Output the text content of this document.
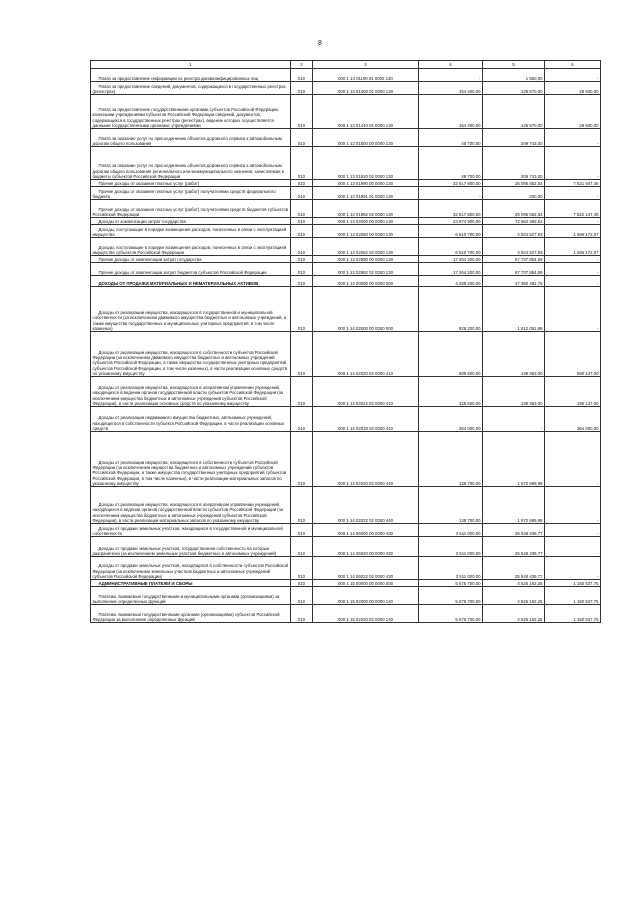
8
1	2	3	4	5	6
Плата за предоставление информации из реестра дисквалифицированных лиц	010	000 1 13 01190 01 0000 130	-	1 550,00	-
Плата за предоставление сведений, документов, содержащихся в государственных реестрах (регистрах)	010	000 1 13 01400 01 0000 130	154 400,00	125 570,00	28 830,00
Плата за предоставление государственными органами субъектов Российской Федерации, казенными учреждениями субъектов Российской Федерации сведений, документов, содержащихся в государственных реестрах (регистрах), ведение которых осуществляется данными государственными органами, учреждениями	010	000 1 13 01410 01 0000 130	154 400,00	125 570,00	28 830,00
Плата за оказание услуг по присоединению объектов дорожного сервиса к автомобильным дорогам общего пользования	010	000 1 13 01500 00 0000 130	48 700,00	209 743,00	-
Плата за оказание услуг по присоединению объектов дорожного сервиса к автомобильным дорогам общего пользования регионального или межмуниципального значения, зачисляемая в бюджеты субъектов Российской Федерации	010	000 1 13 01520 02 0000 130	48 700,00	209 743,00	-
Прочие доходы от оказания платных услуг (работ)	010	000 1 13 01990 00 0000 130	32 617 800,00	25 095 852,54	7 521 947,46
Прочие доходы от оказания платных услуг (работ) получателями средств федерального бюджета	010	000 1 13 01991 01 0000 130	-	200,00	-
Прочие доходы от оказания платных услуг (работ) получателями средств бюджетов субъектов Российской Федерации	010	000 1 13 01992 02 0000 130	32 617 800,00	25 095 652,54	7 522 147,46
Доходы от компенсации затрат государства	010	000 1 13 02000 00 0000 130	23 874 900,00	72 662 382,52	-
Доходы, поступающие в порядке возмещения расходов, понесенных в связи с эксплуатацией имущества	010	000 1 13 02060 00 0000 130	6 610 700,00	4 924 527,93	1 686 172,07
Доходы, поступающие в порядке возмещения расходов, понесенных в связи с эксплуатацией имущества субъектов Российской Федерации	010	000 1 13 02062 02 0000 130	6 610 700,00	4 924 527,93	1 686 172,07
Прочие доходы от компенсации затрат государства	010	000 1 13 02990 00 0000 130	17 264 200,00	67 737 854,59	-
Прочие доходы от компенсации затрат бюджетов субъектов Российской Федерации	010	000 1 13 02992 02 0000 130	17 264 200,00	67 737 854,59	-
ДОХОДЫ ОТ ПРОДАЖИ МАТЕРИАЛЬНЫХ И НЕМАТЕРИАЛЬНЫХ АКТИВОВ	010	000 1 14 00000 00 0000 000	4 339 200,00	27 360 492,75	-
Доходы от реализации имущества, находящегося в государственной и муниципальной собственности (за исключением движимого имущества бюджетных и автономных учреждений, а также имущества государственных и муниципальных унитарных предприятий, в том числе казенных)	010	000 1 14 02000 00 0000 000	828 200,00	1 812 052,98	-
Доходы от реализации имущества, находящегося в собственности субъектов Российской Федерации (за исключением движимого имущества бюджетных и автономных учреждений субъектов Российской Федерации, а также имущества государственных унитарных предприятий субъектов Российской Федерации, в том числе казенных), в части реализации основных средств по указанному имуществу	010	000 1 14 02020 02 0000 410	689 500,00	139 363,00	550 137,00
Доходы от реализации имущества, находящегося в оперативном управлении учреждений, находящихся в ведении органов государственной власти субъектов Российской Федерации (за исключением имущества бюджетных и автономных учреждений субъектов Российской Федерации), в части реализации основных средств по указанному имуществу	010	000 1 14 02022 02 0000 410	325 500,00	139 363,00	186 137,00
Доходы от реализации недвижимого имущества бюджетных, автономных учреждений, находящегося в собственности субъекта Российской Федерации, в части реализации основных средств	010	000 1 14 02028 02 0000 410	364 000,00	-	364 000,00
Доходы от реализации имущества, находящегося в собственности субъектов Российской Федерации (за исключением имущества бюджетных и автономных учреждений субъектов Российской Федерации, а также имущества государственных унитарных предприятий субъектов Российской Федерации, в том числе казенных), в части реализации материальных запасов по указанному имуществу	010	000 1 14 02020 02 0000 440	138 700,00	1 672 689,98	-
Доходы от реализации имущества, находящегося в оперативном управлении учреждений, находящихся в ведении органов государственной власти субъектов Российской Федерации (за исключением имущества бюджетных и автономных учреждений субъектов Российской Федерации), в части реализации материальных запасов по указанному имуществу	010	000 1 14 02022 02 0000 440	138 700,00	1 672 689,98	-
Доходы от продажи земельных участков, находящихся в государственной и муниципальной собственности	010	000 1 14 06000 00 0000 430	3 511 000,00	25 548 439,77	-
Доходы от продажи земельных участков, государственная собственность на которые разграничена (за исключением земельных участков бюджетных и автономных учреждений)	010	000 1 14 06020 00 0000 430	3 511 000,00	25 548 439,77	-
Доходы от продажи земельных участков, находящихся в собственности субъектов Российской Федерации (за исключением земельных участков бюджетных и автономных учреждений субъектов Российской Федерации)	010	000 1 14 06022 02 0000 430	3 511 000,00	25 548 439,77	-
АДМИНИСТРАТИВНЫЕ ПЛАТЕЖИ И СБОРЫ	010	000 1 15 00000 00 0000 000	5 675 700,00	4 525 162,25	1 150 537,75
Платежи, взимаемые государственными и муниципальными органами (организациями) за выполнение определенных функций	010	000 1 15 02000 00 0000 140	5 675 700,00	4 525 162,25	1 150 537,75
Платежи, взимаемые государственными органами (организациями) субъектов Российской Федерации за выполнение определенных функций	010	000 1 15 02020 02 0000 140	5 675 700,00	4 525 162,25	1 150 537,75
